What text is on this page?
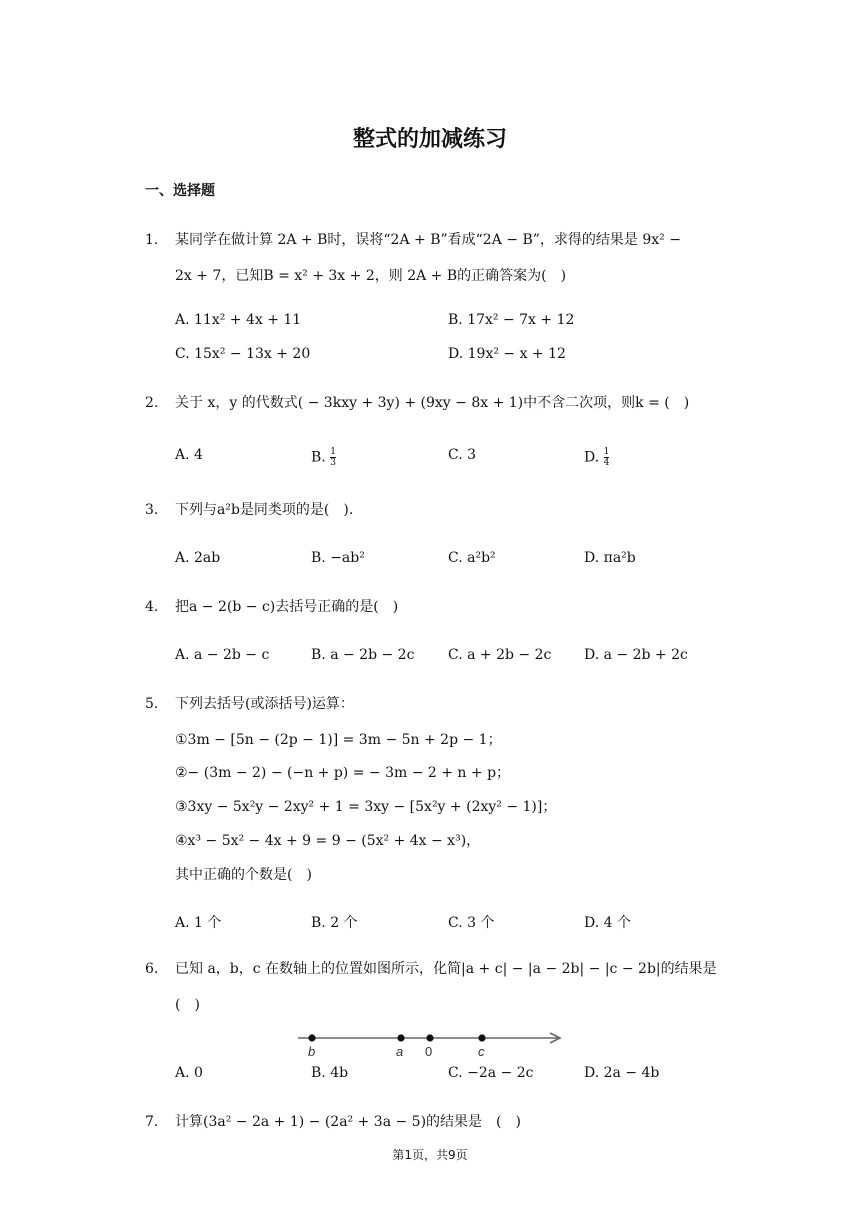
整式的加减练习
一、选择题
1. 某同学在做计算 2A + B时，误将“2A + B”看成“2A − B”，求得的结果是 9x² −
2x + 7，已知B = x² + 3x + 2，则 2A + B的正确答案为(　)
A. 11x² + 4x + 11	B. 17x² − 7x + 12
C. 15x² − 13x + 20	D. 19x² − x + 12
2. 关于 x，y 的代数式( − 3kxy + 3y) + (9xy − 8x + 1)中不含二次项，则k = (　)
A. 4	B. $\frac{1}{3}$	C. 3	D. $\frac{1}{4}$
3. 下列与a²b是同类项的是(　).
A. 2ab	B. −ab²	C. a²b²	D. πa²b
4. 把a − 2(b − c)去括号正确的是(　)
A. a − 2b − c	B. a − 2b − 2c C. a + 2b − 2c D. a − 2b + 2c
5. 下列去括号(或添括号)运算：
①3m − [5n − (2p − 1)] = 3m − 5n + 2p − 1；
②− (3m − 2) − (−n + p) = − 3m − 2 + n + p；
③3xy − 5x²y − 2xy² + 1 = 3xy − [5x²y + (2xy² − 1)]；
④x³ − 5x² − 4x + 9 = 9 − (5x² + 4x − x³)，
其中正确的个数是(　)
A. 1 个	B. 2 个	C. 3 个	D. 4 个
6. 已知 a，b，c 在数轴上的位置如图所示，化简|a + c| − |a − 2b| − |c − 2b|的结果是
(　)
b	a 0	c
A. 0	B. 4b	C. −2a − 2c	D. 2a − 4b
7. 计算(3a² − 2a + 1) − (2a² + 3a − 5)的结果是　(　)
第1页，共9页
